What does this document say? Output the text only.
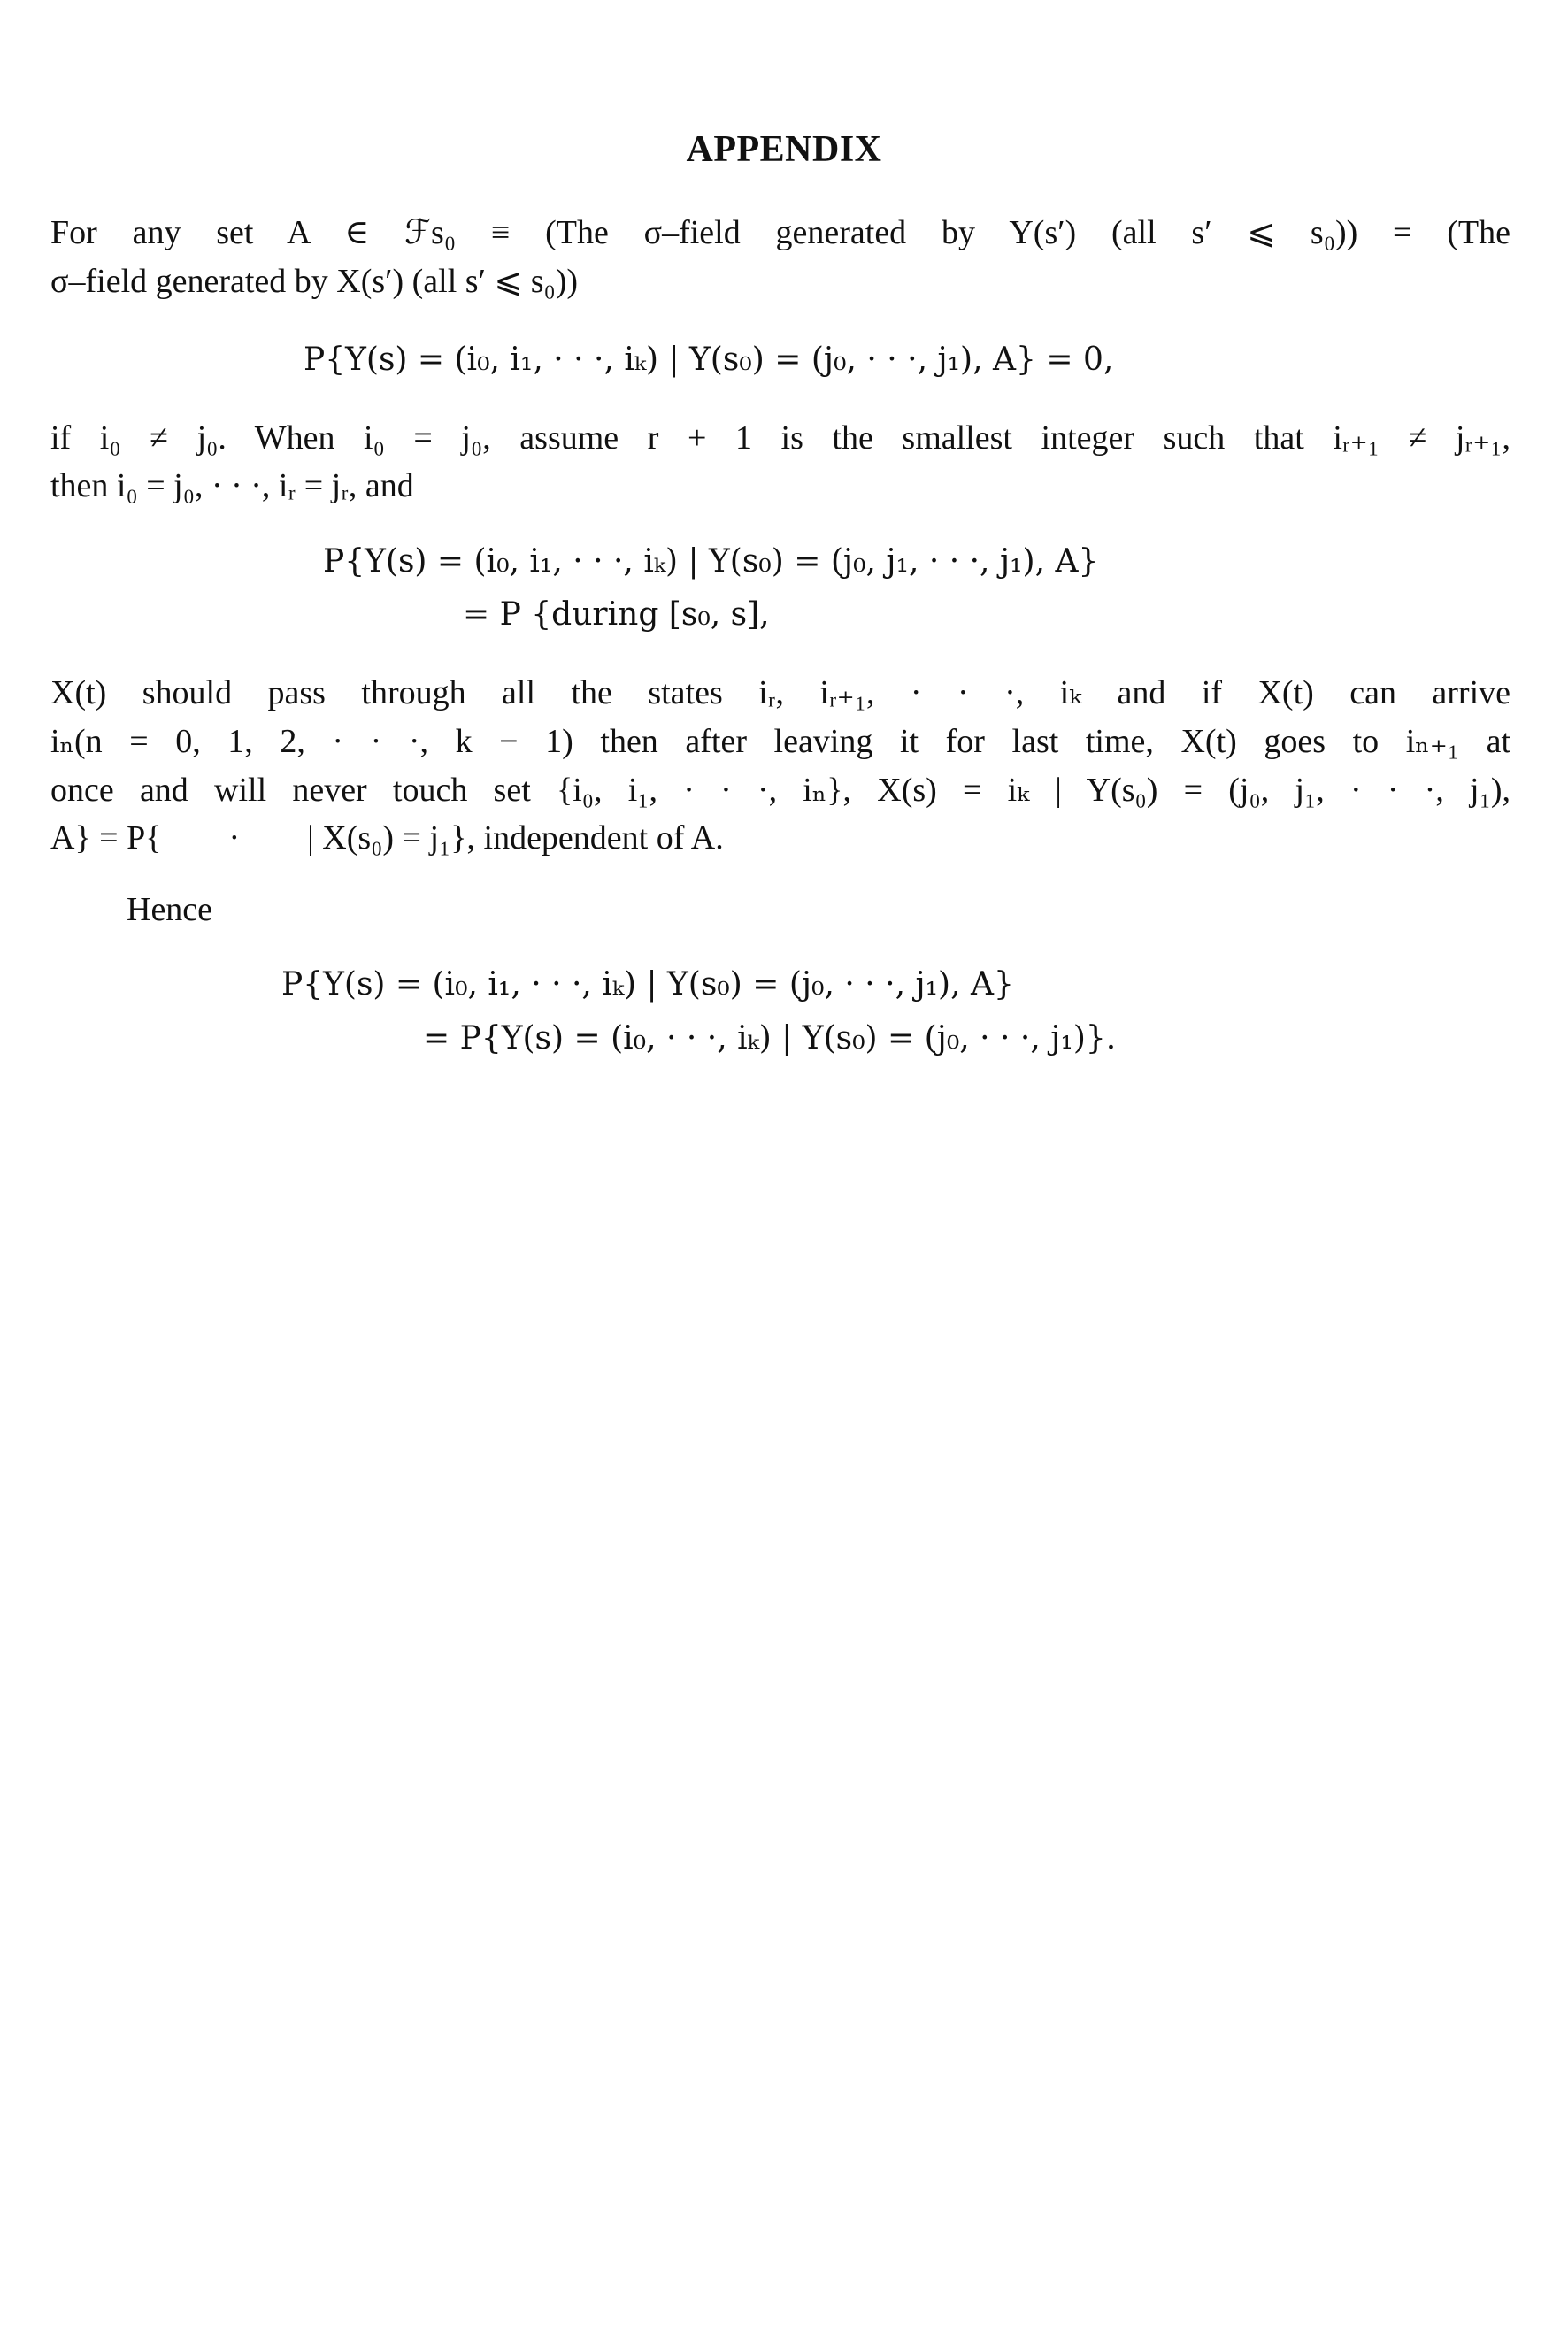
APPENDIX
For any set A ∈ ℱs₀ ≡ (The σ–field generated by Y(s′) (all s′ ⩽ s₀)) = (The
σ–field generated by X(s′) (all s′ ⩽ s₀))
P{Y(s) = (i₀, i₁, · · ·, iₖ) | Y(s₀) = (j₀, · · ·, j₁), A} = 0,
if i₀ ≠ j₀. When i₀ = j₀, assume r + 1 is the smallest integer such that iᵣ₊₁ ≠ jᵣ₊₁,
then i₀ = j₀, · · ·, iᵣ = jᵣ, and
P{Y(s) = (i₀, i₁, · · ·, iₖ) | Y(s₀) = (j₀, j₁, · · ·, j₁), A}
= P {during [s₀, s],
X(t) should pass through all the states iᵣ, iᵣ₊₁, · · ·, iₖ and if X(t) can arrive
iₙ(n = 0, 1, 2, · · ·, k − 1) then after leaving it for last time, X(t) goes to iₙ₊₁ at
once and will never touch set {i₀, i₁, · · ·, iₙ}, X(s) = iₖ | Y(s₀) = (j₀, j₁, · · ·, j₁),
A} = P{        ·        | X(s₀) = j₁}, independent of A.
Hence
P{Y(s) = (i₀, i₁, · · ·, iₖ) | Y(s₀) = (j₀, · · ·, j₁), A}
= P{Y(s) = (i₀, · · ·, iₖ) | Y(s₀) = (j₀, · · ·, j₁)}.
